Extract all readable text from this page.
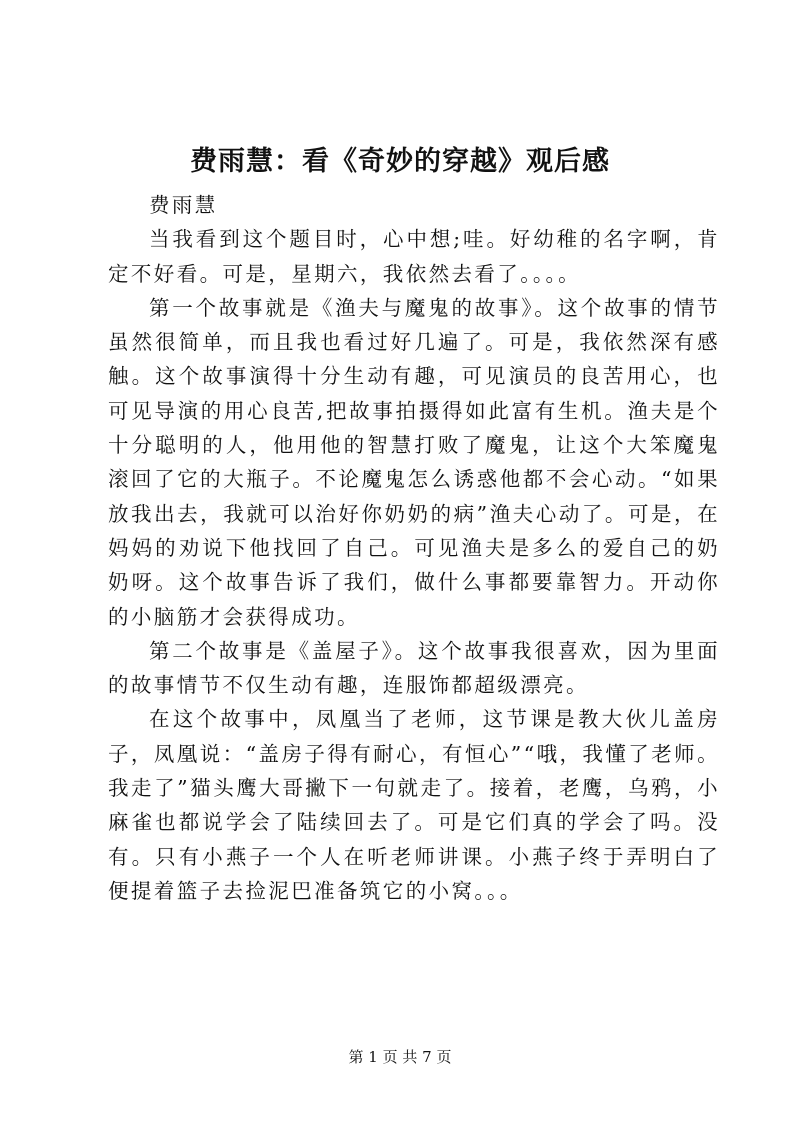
费雨慧：看《奇妙的穿越》观后感

费雨慧

当我看到这个题目时，心中想;哇。好幼稚的名字啊，肯定不好看。可是，星期六，我依然去看了。。。。

第一个故事就是《渔夫与魔鬼的故事》。这个故事的情节虽然很简单，而且我也看过好几遍了。可是，我依然深有感触。这个故事演得十分生动有趣，可见演员的良苦用心，也可见导演的用心良苦,把故事拍摄得如此富有生机。渔夫是个十分聪明的人，他用他的智慧打败了魔鬼，让这个大笨魔鬼滚回了它的大瓶子。不论魔鬼怎么诱惑他都不会心动。“如果放我出去，我就可以治好你奶奶的病”渔夫心动了。可是，在妈妈的劝说下他找回了自己。可见渔夫是多么的爱自己的奶奶呀。这个故事告诉了我们，做什么事都要靠智力。开动你的小脑筋才会获得成功。

第二个故事是《盖屋子》。这个故事我很喜欢，因为里面的故事情节不仅生动有趣，连服饰都超级漂亮。

在这个故事中，凤凰当了老师，这节课是教大伙儿盖房子，凤凰说：“盖房子得有耐心，有恒心”“哦，我懂了老师。我走了”猫头鹰大哥撇下一句就走了。接着，老鹰，乌鸦，小麻雀也都说学会了陆续回去了。可是它们真的学会了吗。没有。只有小燕子一个人在听老师讲课。小燕子终于弄明白了便提着篮子去捡泥巴准备筑它的小窝。。。

第 1 页 共 7 页
